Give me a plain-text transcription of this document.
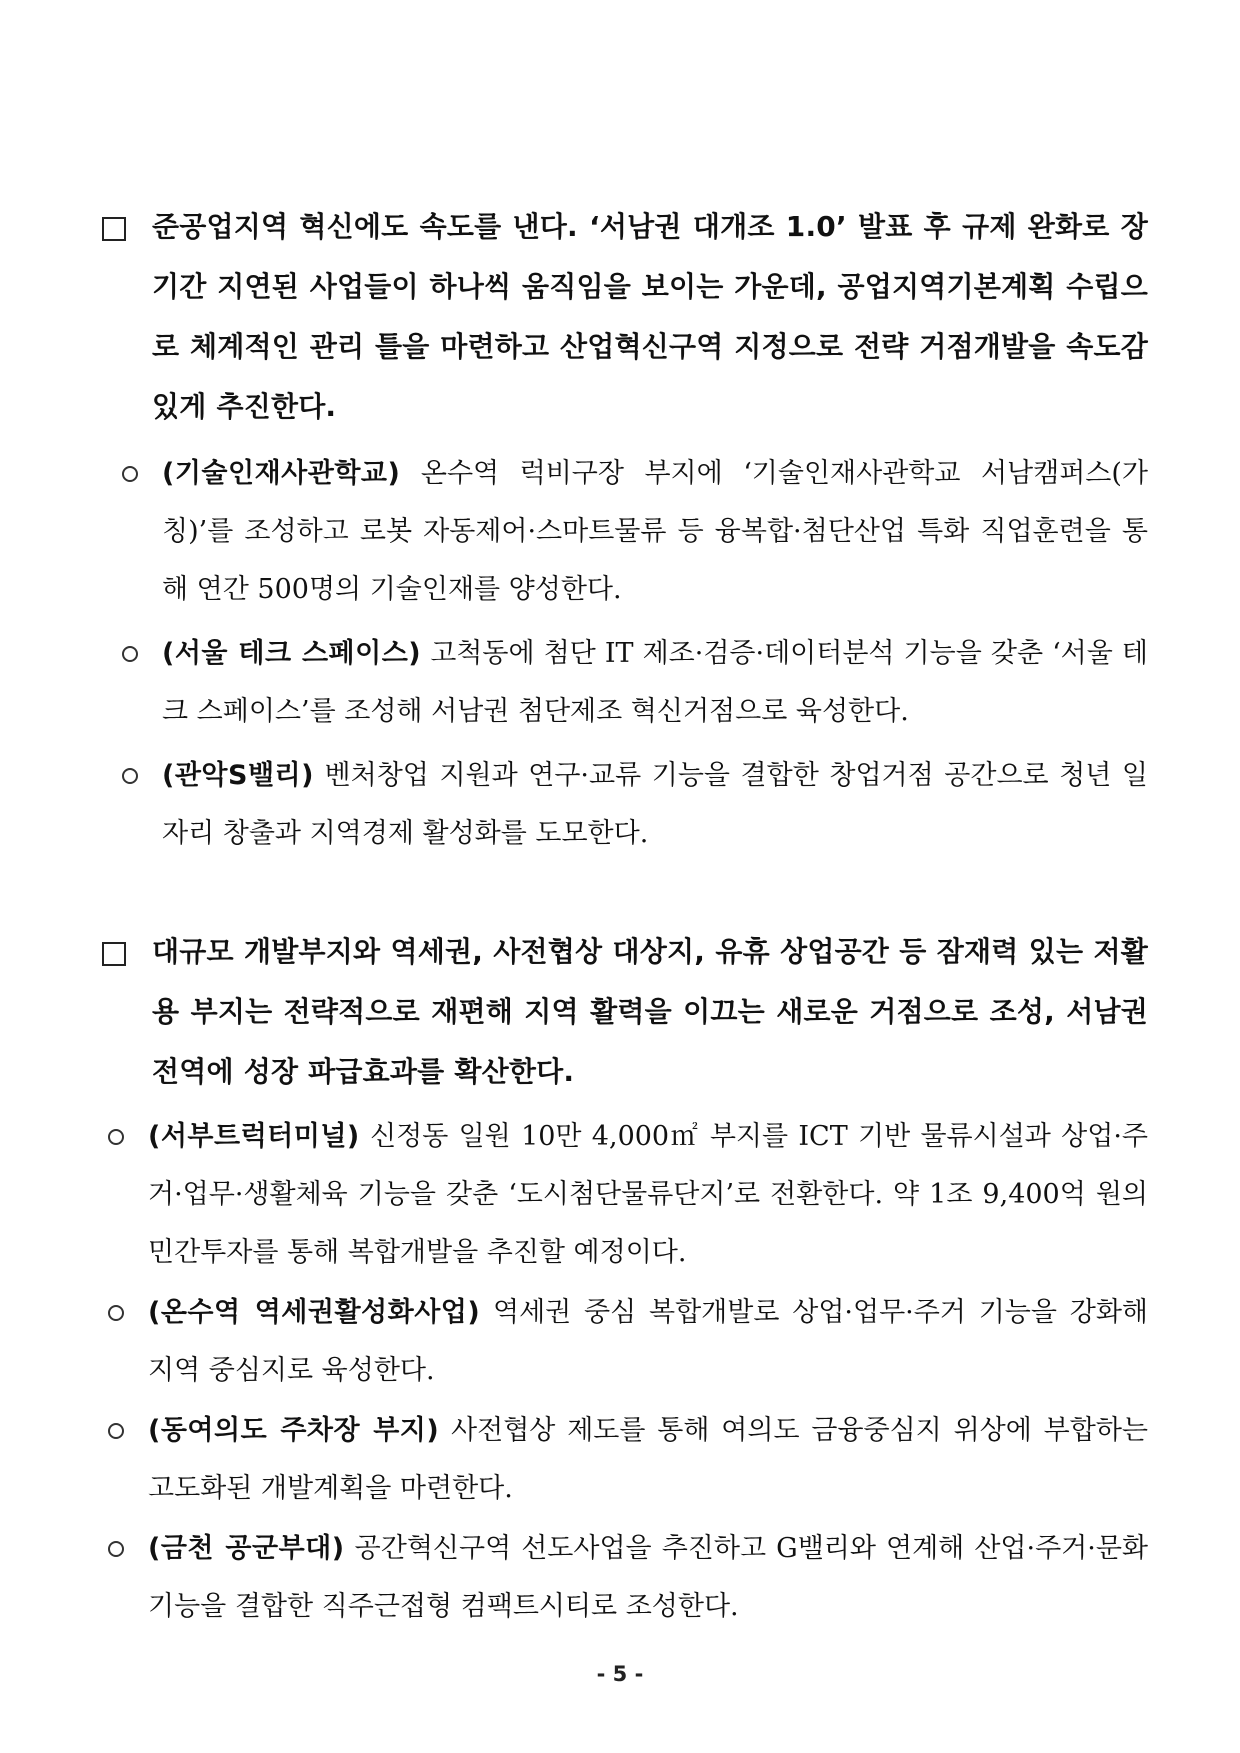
준공업지역 혁신에도 속도를 낸다. ‘서남권 대개조 1.0’ 발표 후 규제 완화로 장기간 지연된 사업들이 하나씩 움직임을 보이는 가운데, 공업지역기본계획 수립으로 체계적인 관리 틀을 마련하고 산업혁신구역 지정으로 전략 거점개발을 속도감 있게 추진한다.
(기술인재사관학교) 온수역 럭비구장 부지에 ‘기술인재사관학교 서남캠퍼스(가칭)’를 조성하고 로봇 자동제어·스마트물류 등 융복합·첨단산업 특화 직업훈련을 통해 연간 500명의 기술인재를 양성한다.
(서울 테크 스페이스) 고척동에 첨단 IT 제조·검증·데이터분석 기능을 갖춘 ‘서울 테크 스페이스’를 조성해 서남권 첨단제조 혁신거점으로 육성한다.
(관악S밸리) 벤처창업 지원과 연구·교류 기능을 결합한 창업거점 공간으로 청년 일자리 창출과 지역경제 활성화를 도모한다.
대규모 개발부지와 역세권, 사전협상 대상지, 유휴 상업공간 등 잠재력 있는 저활용 부지는 전략적으로 재편해 지역 활력을 이끄는 새로운 거점으로 조성, 서남권 전역에 성장 파급효과를 확산한다.
(서부트럭터미널) 신정동 일원 10만 4,000㎡ 부지를 ICT 기반 물류시설과 상업·주거·업무·생활체육 기능을 갖춘 ‘도시첨단물류단지’로 전환한다. 약 1조 9,400억 원의 민간투자를 통해 복합개발을 추진할 예정이다.
(온수역 역세권활성화사업) 역세권 중심 복합개발로 상업·업무·주거 기능을 강화해 지역 중심지로 육성한다.
(동여의도 주차장 부지) 사전협상 제도를 통해 여의도 금융중심지 위상에 부합하는 고도화된 개발계획을 마련한다.
(금천 공군부대) 공간혁신구역 선도사업을 추진하고 G밸리와 연계해 산업·주거·문화 기능을 결합한 직주근접형 컴팩트시티로 조성한다.
- 5 -
